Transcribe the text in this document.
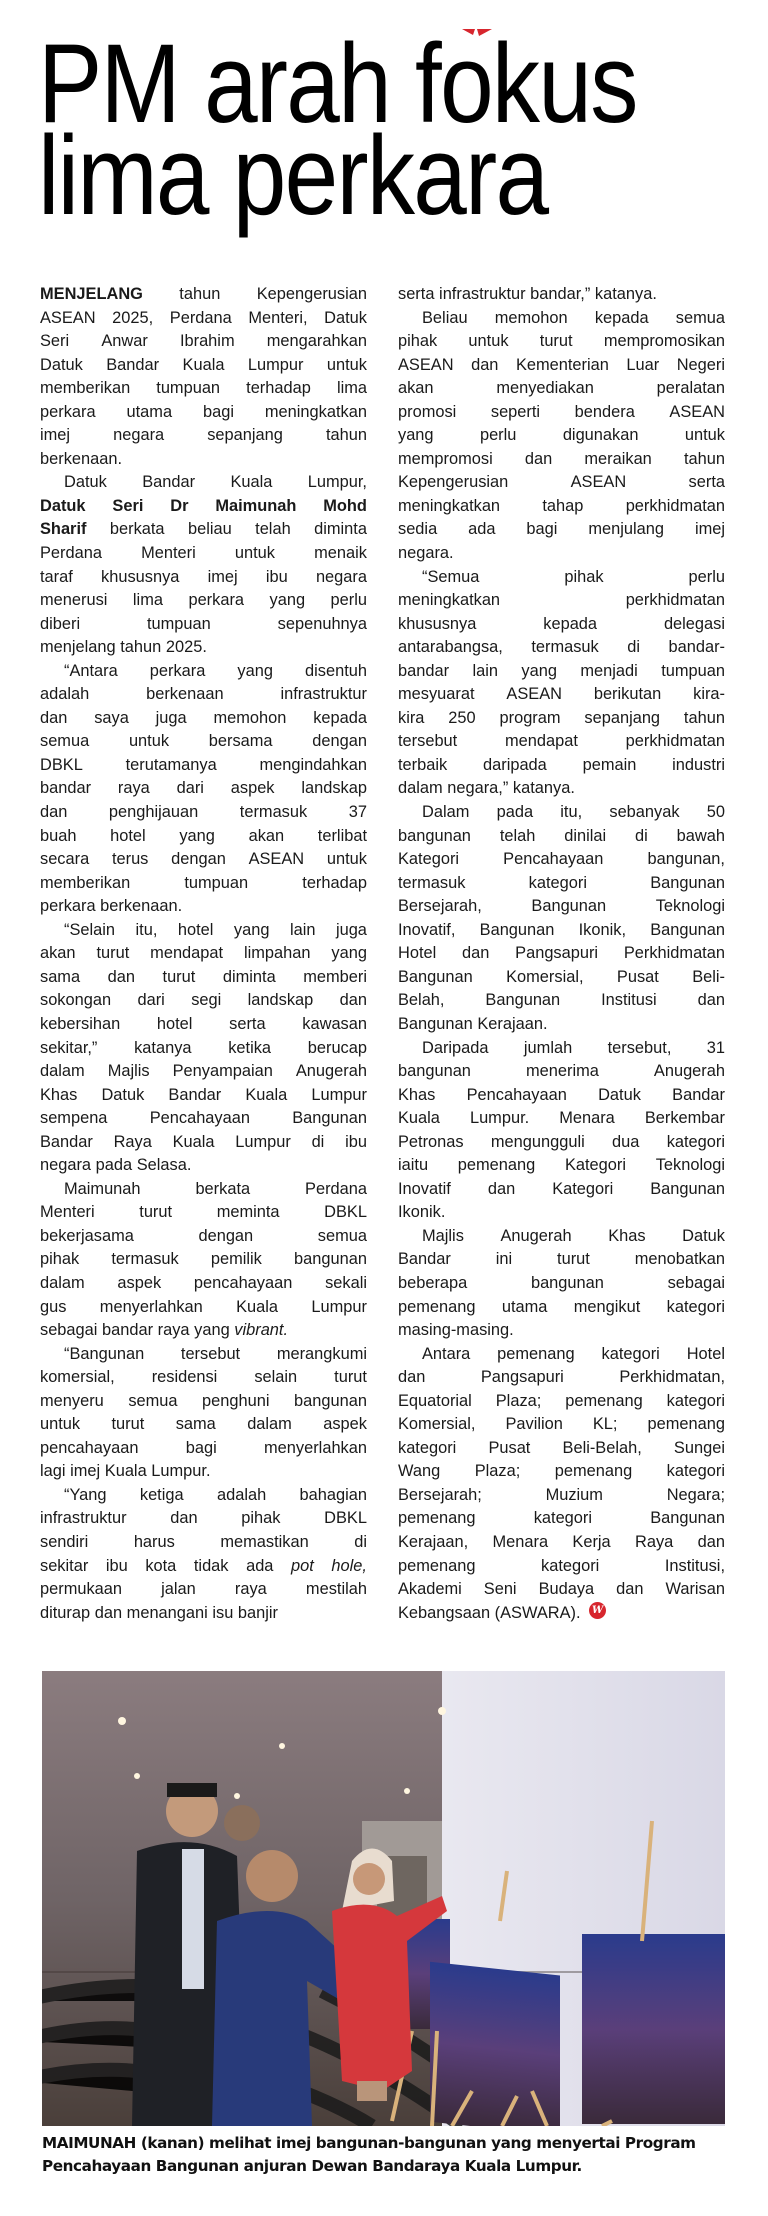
PM arah fokus
lima perkara
MENJELANG tahun Kepengerusian
ASEAN 2025, Perdana Menteri, Datuk
Seri Anwar Ibrahim mengarahkan
Datuk Bandar Kuala Lumpur untuk
memberikan tumpuan terhadap lima
perkara utama bagi meningkatkan
imej	negara	sepanjang	tahun
berkenaan.
Datuk Bandar Kuala Lumpur,
Datuk Seri Dr Maimunah Mohd
Sharif berkata beliau telah diminta
Perdana Menteri untuk menaik
taraf khususnya imej ibu negara
menerusi lima perkara yang perlu
diberi	tumpuan	sepenuhnya
menjelang tahun 2025.
“Antara perkara yang disentuh
adalah	berkenaan	infrastruktur
dan saya juga memohon kepada
semua untuk bersama dengan
DBKL	terutamanya	mengindahkan
bandar raya dari aspek landskap
dan	penghijauan	termasuk	37
buah hotel yang akan terlibat
secara terus dengan ASEAN untuk
memberikan	tumpuan	terhadap
perkara berkenaan.
“Selain itu, hotel yang lain juga
akan turut mendapat limpahan yang
sama dan turut diminta memberi
sokongan dari segi landskap dan
kebersihan hotel serta kawasan
sekitar,” katanya ketika berucap
dalam Majlis Penyampaian Anugerah
Khas Datuk Bandar Kuala Lumpur
sempena	Pencahayaan	Bangunan
Bandar Raya Kuala Lumpur di ibu
negara pada Selasa.
Maimunah	berkata	Perdana
Menteri	turut	meminta	DBKL
bekerjasama	dengan	semua
pihak termasuk pemilik bangunan
dalam aspek pencahayaan sekali
gus menyerlahkan Kuala Lumpur
sebagai bandar raya yang vibrant.
“Bangunan tersebut merangkumi
komersial, residensi selain turut
menyeru semua penghuni bangunan
untuk turut sama dalam aspek
pencahayaan	bagi	menyerlahkan
lagi imej Kuala Lumpur.
“Yang ketiga adalah bahagian
infrastruktur	dan	pihak	DBKL
sendiri	harus	memastikan	di
sekitar ibu kota tidak ada pot hole,
permukaan jalan raya mestilah
diturap dan menangani isu banjir
serta infrastruktur bandar,” katanya.
Beliau memohon kepada semua
pihak untuk turut mempromosikan
ASEAN dan Kementerian Luar Negeri
akan	menyediakan	peralatan
promosi seperti bendera ASEAN
yang	perlu	digunakan	untuk
mempromosi dan meraikan tahun
Kepengerusian	ASEAN	serta
meningkatkan	tahap	perkhidmatan
sedia ada bagi menjulang imej
negara.
“Semua	pihak	perlu
meningkatkan	perkhidmatan
khususnya	kepada	delegasi
antarabangsa, termasuk di bandar-
bandar lain yang menjadi tumpuan
mesyuarat ASEAN berikutan kira-
kira 250 program sepanjang tahun
tersebut	mendapat	perkhidmatan
terbaik daripada pemain industri
dalam negara,” katanya.
Dalam pada itu, sebanyak 50
bangunan telah dinilai di bawah
Kategori	Pencahayaan	bangunan,
termasuk	kategori	Bangunan
Bersejarah,	Bangunan	Teknologi
Inovatif, Bangunan Ikonik, Bangunan
Hotel dan Pangsapuri Perkhidmatan
Bangunan Komersial, Pusat Beli-
Belah, Bangunan Institusi dan
Bangunan Kerajaan.
Daripada jumlah tersebut, 31
bangunan	menerima	Anugerah
Khas Pencahayaan Datuk Bandar
Kuala Lumpur. Menara Berkembar
Petronas mengungguli dua kategori
iaitu pemenang Kategori Teknologi
Inovatif dan Kategori Bangunan
Ikonik.
Majlis Anugerah Khas Datuk
Bandar	ini	turut	menobatkan
beberapa	bangunan	sebagai
pemenang utama mengikut kategori
masing-masing.
Antara pemenang kategori Hotel
dan	Pangsapuri	Perkhidmatan,
Equatorial Plaza; pemenang kategori
Komersial, Pavilion KL; pemenang
kategori Pusat Beli-Belah, Sungei
Wang Plaza; pemenang kategori
Bersejarah;	Muzium	Negara;
pemenang	kategori	Bangunan
Kerajaan, Menara Kerja Raya dan
pemenang	kategori	Institusi,
Akademi Seni Budaya dan Warisan
Kebangsaan (ASWARA). W

MAIMUNAH (kanan) melihat imej bangunan-bangunan yang menyertai Program
Pencahayaan Bangunan anjuran Dewan Bandaraya Kuala Lumpur.
